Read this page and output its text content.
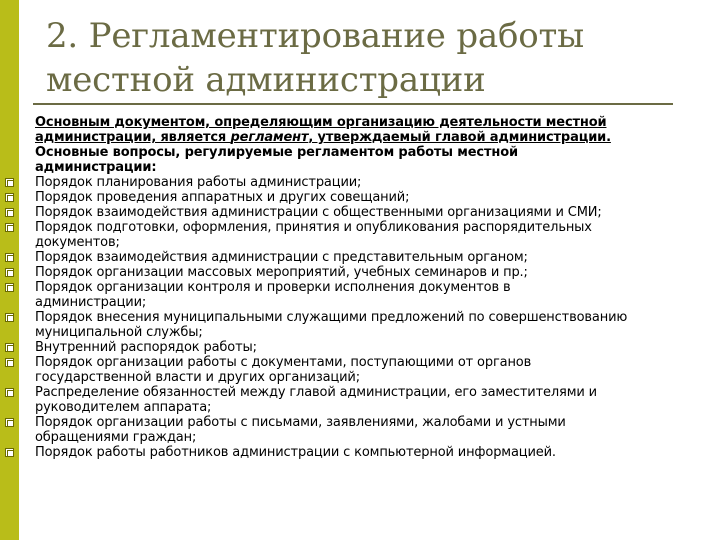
2. Регламентирование работы
местной администрации

Основным документом, определяющим организацию деятельности местной

администрации, является регламент, утверждаемый главой администрации.

Основные вопросы, регулируемые регламентом работы местной

администрации:

Порядок планирования работы администрации;
Порядок проведения аппаратных и других совещаний;
Порядок взаимодействия администрации с общественными организациями и СМИ;
Порядок подготовки, оформления, принятия и опубликования распорядительных
документов;
Порядок взаимодействия администрации с представительным органом;
Порядок организации массовых мероприятий, учебных семинаров и пр.;
Порядок организации контроля и проверки исполнения документов в
администрации;
Порядок внесения муниципальными служащими предложений по совершенствованию
муниципальной службы;
Внутренний распорядок работы;
Порядок организации работы с документами, поступающими от органов
государственной власти и других организаций;
Распределение обязанностей между главой администрации, его заместителями и
руководителем аппарата;
Порядок организации работы с письмами, заявлениями, жалобами и устными
обращениями граждан;
Порядок работы работников администрации с компьютерной информацией.
